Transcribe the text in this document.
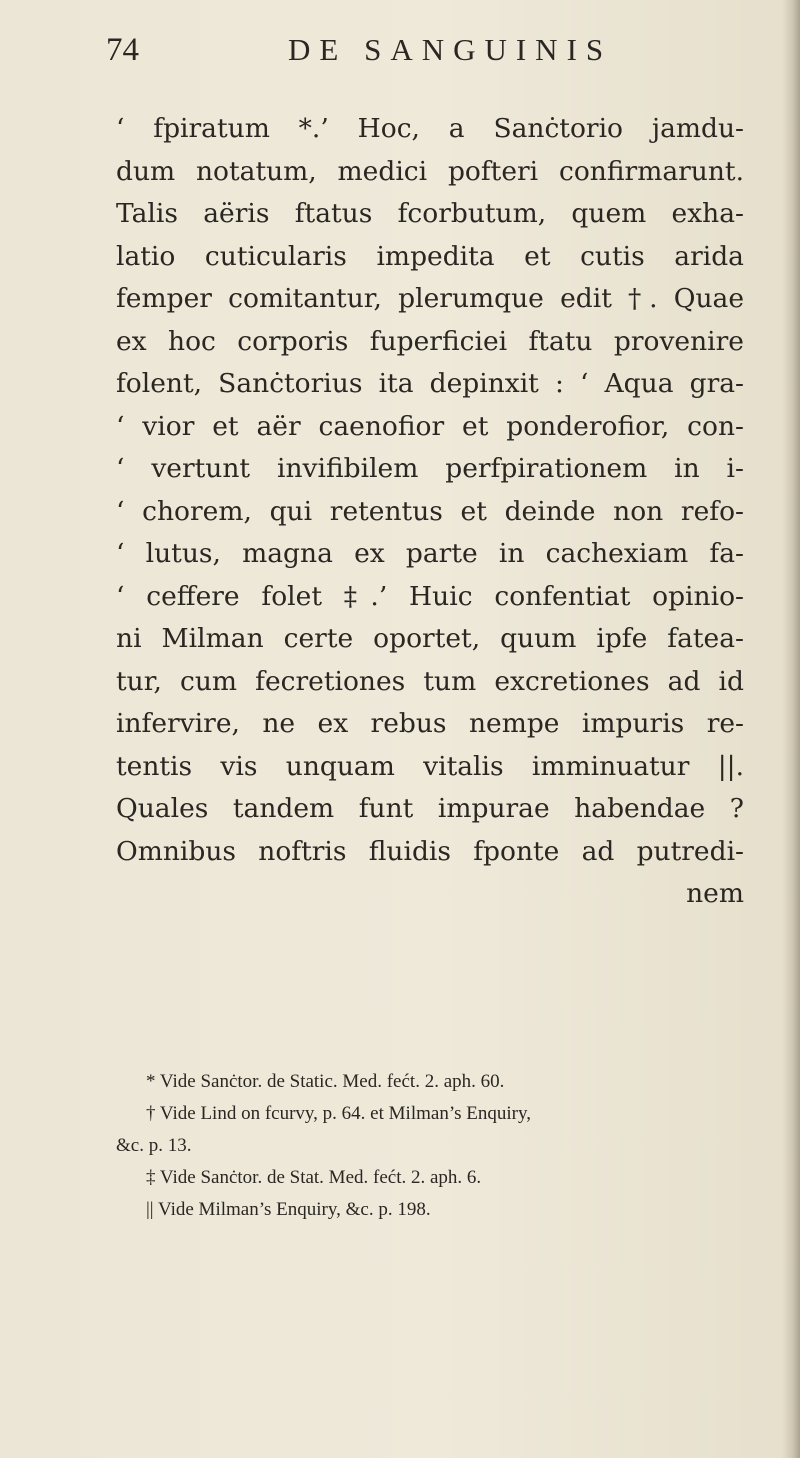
74	DE SANGUINIS
‘ fpiratum *.’ Hoc, a Sanċtorio jamdu-
dum notatum, medici pofteri confirmarunt.
Talis aëris ftatus fcorbutum, quem exha-
latio cuticularis impedita et cutis arida
femper comitantur, plerumque edit †. Quae
ex hoc corporis fuperficiei ftatu provenire
folent, Sanċtorius ita depinxit : ‘ Aqua gra-
‘ vior et aër caenofior et ponderofior, con-
‘ vertunt invifibilem perfpirationem in i-
‘ chorem, qui retentus et deinde non refo-
‘ lutus, magna ex parte in cachexiam fa-
‘ ceffere folet ‡.’ Huic confentiat opinio-
ni Milman certe oportet, quum ipfe fatea-
tur, cum fecretiones tum excretiones ad id
infervire, ne ex rebus nempe impuris re-
tentis vis unquam vitalis imminuatur ||.
Quales tandem funt impurae habendae ?
Omnibus noftris fluidis fponte ad putredi-
nem
* Vide Sanċtor. de Static. Med. fećt. 2. aph. 60.
† Vide Lind on fcurvy, p. 64. et Milman’s Enquiry,
&c. p. 13.
‡ Vide Sanċtor. de Stat. Med. fećt. 2. aph. 6.
|| Vide Milman’s Enquiry, &c. p. 198.
